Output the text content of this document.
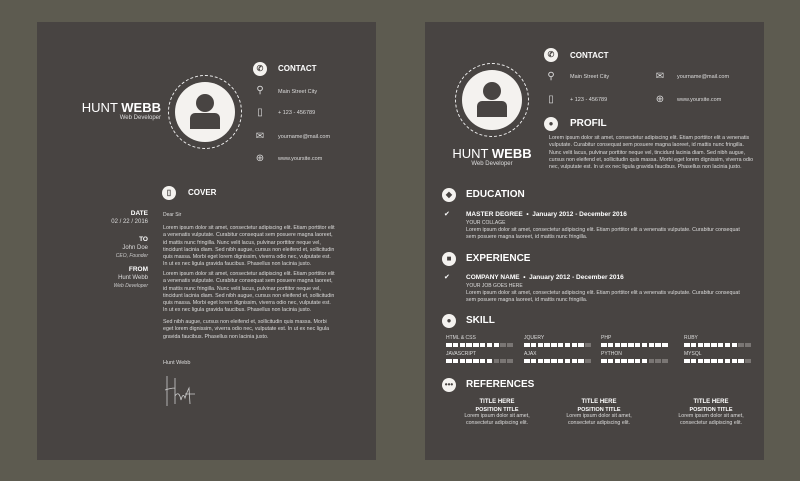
HUNT WEBB
Web Developer
✆	CONTACT
⚲	Main Street City
▯	+ 123 - 456789
✉	yourname@mail.com
⊕	www.yoursite.com
▯	COVER
DATE
02 / 22 / 2016
TO
John Doe
CEO, Founder
FROM
Hunt Webb
Web Developer
Dear Sir
Lorem ipsum dolor sit amet, consectetur adipiscing elit. Etiam porttitor elit a venenatis vulputate. Curabitur consequat sem posuere magna laoreet, id mattis nunc fringilla. Nunc velit lacus, pulvinar porttitor neque vel, tincidunt lacinia diam. Sed nibh augue, cursus non eleifend et, sollicitudin quis massa. Morbi eget lorem dignissim, viverra odio nec, vulputate est. In ut ex nec ligula gravida faucibus. Phasellus non lacinia justo.
Lorem ipsum dolor sit amet, consectetur adipiscing elit. Etiam porttitor elit a venenatis vulputate. Curabitur consequat sem posuere magna laoreet, id mattis nunc fringilla. Nunc velit lacus, pulvinar porttitor neque vel, tincidunt lacinia diam. Sed nibh augue, cursus non eleifend et, sollicitudin quis massa. Morbi eget lorem dignissim, viverra odio nec, vulputate est. In ut ex nec ligula gravida faucibus. Phasellus non lacinia justo.
Sed nibh augue, cursus non eleifend et, sollicitudin quis massa. Morbi eget lorem dignissim, viverra odio nec, vulputate est. In ut ex nec ligula gravida faucibus. Phasellus non lacinia justo.
Hunt Webb
HUNT WEBB
Web Developer
✆	CONTACT
⚲	Main Street City
▯	+ 123 - 456789
✉	yourname@mail.com
⊕	www.yoursite.com
●	PROFIL
Lorem ipsum dolor sit amet, consectetur adipiscing elit. Etiam porttitor elit a venenatis vulputate. Curabitur consequat sem posuere magna laoreet, id mattis nunc fringilla. Nunc velit lacus, pulvinar porttitor neque vel, tincidunt lacinia diam. Sed nibh augue, cursus non eleifend et, sollicitudin quis massa. Morbi eget lorem dignissim, viverra odio nec, vulputate est. In ut ex nec ligula gravida faucibus. Phasellus non lacinia justo.
◆	EDUCATION
✔ MASTER DEGREE  •  January 2012 - December 2016
YOUR COLLAGE
Lorem ipsum dolor sit amet, consectetur adipiscing elit. Etiam porttitor elit a venenatis vulputate. Curabitur consequat sem posuere magna laoreet, id mattis nunc fringilla.
■	EXPERIENCE
✔ COMPANY NAME  •  January 2012 - December 2016
YOUR JOB GOES HERE
Lorem ipsum dolor sit amet, consectetur adipiscing elit. Etiam porttitor elit a venenatis vulputate. Curabitur consequat sem posuere magna laoreet, id mattis nunc fringilla.
●	SKILL
HTML & CSS	JQUERY	PHP	RUBY
JAVASCRIPT	AJAX	PYTHON	MYSQL
••• REFERENCES
TITLE HERE
POSITION TITLE
Lorem ipsum dolor sit amet,
consectetur adipiscing elit.
TITLE HERE
POSITION TITLE
Lorem ipsum dolor sit amet,
consectetur adipiscing elit.
TITLE HERE
POSITION TITLE
Lorem ipsum dolor sit amet,
consectetur adipiscing elit.
